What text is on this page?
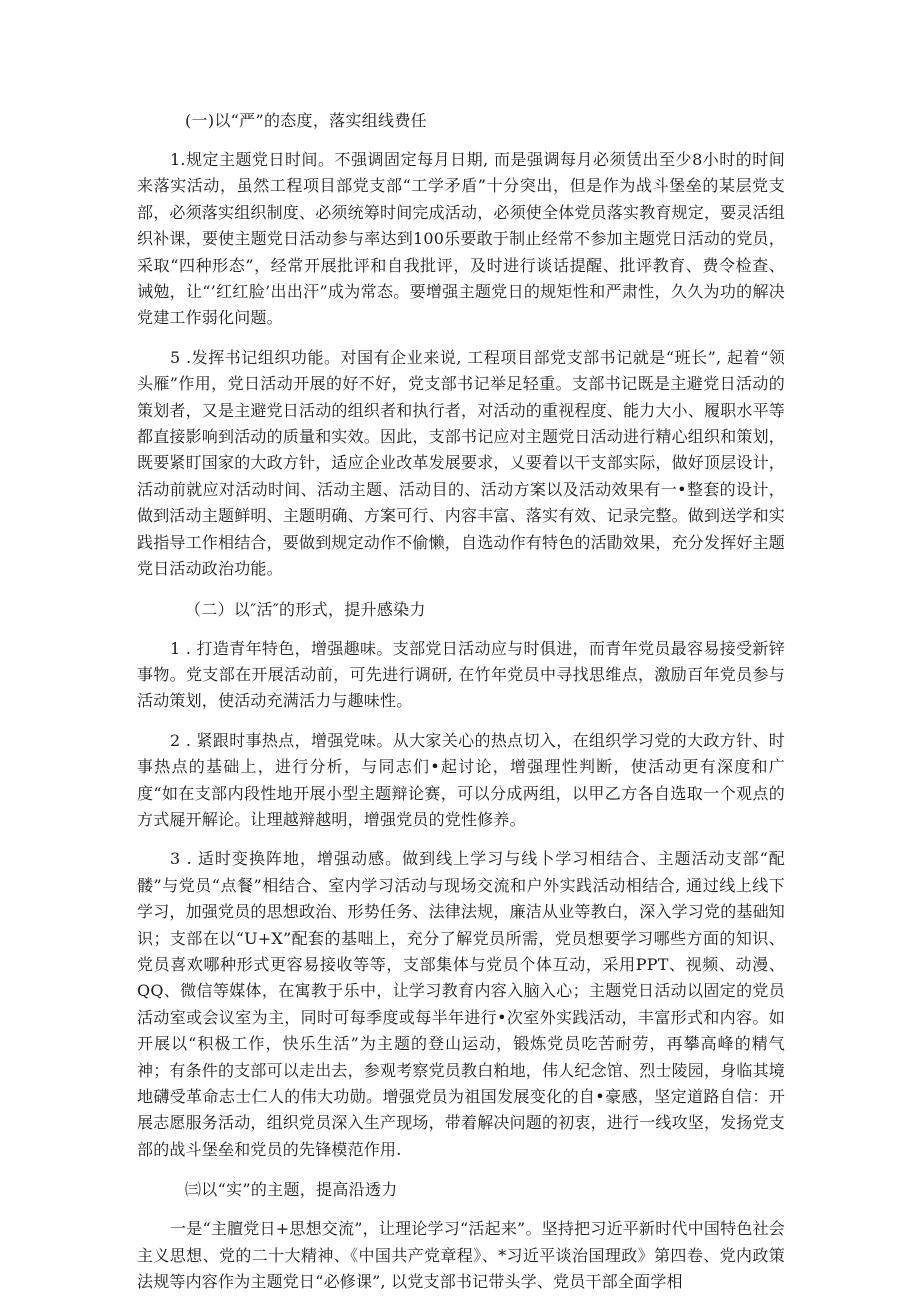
(一)以“严”的态度，落实组线费任

1.规定主题党日时间。不强调固定每月日期, 而是强调每月必须赁出至少8小时的时间来落实活动，虽然工程项目部党支部“工学矛盾”十分突出，但是作为战斗堡垒的某层党支部，必须落实组织制度、必须统筹时间完成活动，必须使全体党员落实教育规定，要灵活组织补课，要使主题党日活动参与率达到100乐要敢于制止经常不参加主题党日活动的党员，采取“四种形态”，经常开展批评和自我批评，及时进行谈话提醒、批评教育、费令检查、诫勉，让“’红红脸’出出汗”成为常态。要增强主题党日的规矩性和严肃性，久久为功的解决党建工作弱化问题。

5 .发挥书记组织功能。对国有企业来说, 工程项目部党支部书记就是“班长”, 起着“领头雁”作用，党日活动开展的好不好，党支部书记举足轻重。支部书记既是主避党日活动的策划者，又是主避党日活动的组织者和执行者，对活动的重视程度、能力大小、履职水平等都直接影响到活动的质量和实效。因此，支部书记应对主题党日活动进行精心组织和策划，既要紧盯国家的大政方针，适应企业改革发展要求，乂要着以干支部实际，做好顶层设计，活动前就应对活动时间、活动主题、活动目的、活动方案以及活动效果有一•整套的设计，做到活动主题鲜明、主题明确、方案可行、内容丰富、落实有效、记录完整。做到送学和实践指导工作相结合，要做到规定动作不偷懒，自选动作有特色的活勖效果，充分发挥好主题党日活动政治功能。

（二）以″活″的形式，提升感染力

1 . 打造青年特色，增强趣味。支部党日活动应与时俱进，而青年党员最容易接受新锌事物。党支部在开展活动前，可先进行调研, 在竹年党员中寻找思维点，激励百年党员参与活动策划，使活动充满活力与趣味性。

2 . 紧跟时事热点，增强党味。从大家关心的热点切入，在组织学习党的大政方针、时事热点的基础上，进行分析，与同志们•起讨论，增强理性判断，使活动更有深度和广度“如在支部内段性地开展小型主题辩论赛，可以分成两组，以甲乙方各自选取一个观点的方式屣开解论。让理越辩越明，增强党员的党性修养。

3 . 适时变换阵地，增强动感。做到线上学习与线卜学习相结合、主题活动支部“配髅”与党员“点餐”相结合、室内学习活动与现场交流和户外实践活动相结合, 通过线上线下学习，加强党员的思想政治、形势任务、法律法规，廉洁从业等教白，深入学习党的基础知识；支部在以“U+X”配套的基咄上，充分了解党员所需，党员想要学习哪些方面的知识、党员喜欢哪种形式更容易接收等等，支部集体与党员个体互动，采用PPT、视频、动漫、QQ、微信等媒体，在寓教于乐中，让学习教育内容入脑入心；主题党日活动以固定的党员活动室或会议室为主，同时可每季度或每半年进行•次室外实践活动，丰富形式和内容。如开展以“积极工作，快乐生活”为主题的登山运动，锻炼党员吃苦耐劳，再攀高峰的精气神；有条件的支部可以走出去，参观考察党员教白粕地，伟人纪念馆、烈士陵园，身临其境地礴受革命志士仁人的伟大功勋。增强党员为祖国发展变化的自•豪感，坚定道路自信：开展志愿服务活动，组织党员深入生产现场，带着解决问题的初衷，进行一线攻坚，发扬党支部的战斗堡垒和党员的先锋模范作用.

㈢以“实”的主题，提高沿透力

一是“主膻党日+思想交流”，让理论学习“活起来”。坚持把习近平新时代中国特色社会主义思想、党的二十大精神、《中国共产党章程》、*习近平谈治国理政》第四卷、党内政策法规等内容作为主题党日“必修课”, 以党支部书记带头学、党员干部全面学相
